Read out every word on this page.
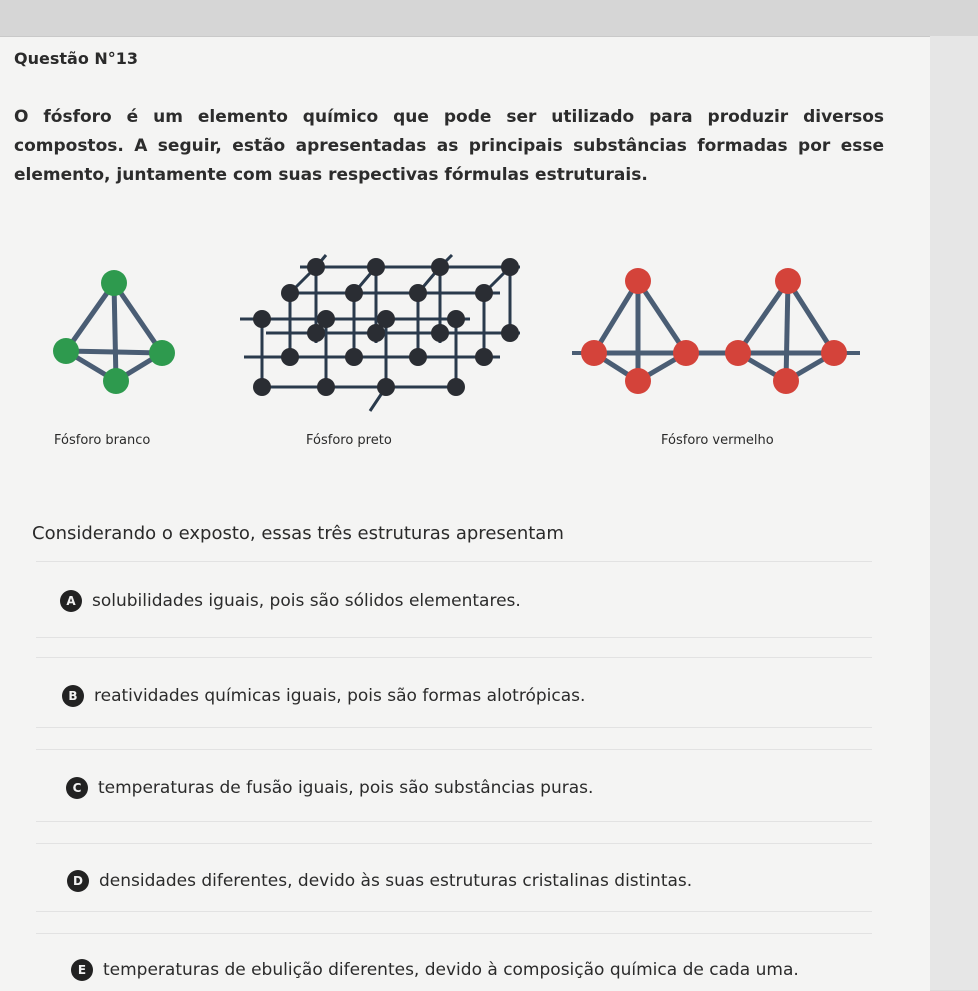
Questão N°13
O fósforo é um elemento químico que pode ser utilizado para produzir diversos compostos. A seguir, estão apresentadas as principais substâncias formadas por esse elemento, juntamente com suas respectivas fórmulas estruturais.
Fósforo branco	Fósforo preto	Fósforo vermelho
Considerando o exposto, essas três estruturas apresentam
A solubilidades iguais, pois são sólidos elementares.
B reatividades químicas iguais, pois são formas alotrópicas.
C temperaturas de fusão iguais, pois são substâncias puras.
D densidades diferentes, devido às suas estruturas cristalinas distintas.
E temperaturas de ebulição diferentes, devido à composição química de cada uma.
